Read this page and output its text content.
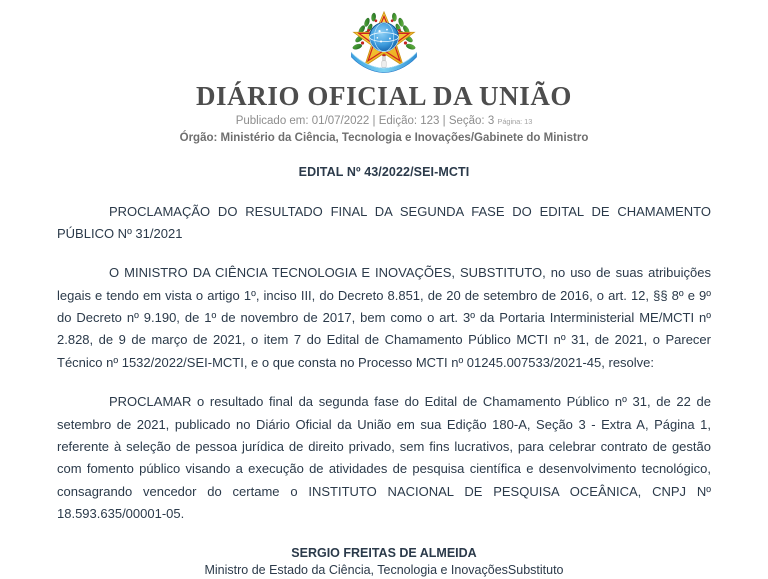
DIÁRIO OFICIAL DA UNIÃO
Publicado em: 01/07/2022 | Edição: 123 | Seção: 3 Página: 13
Órgão: Ministério da Ciência, Tecnologia e Inovações/Gabinete do Ministro
EDITAL Nº 43/2022/SEI-MCTI

PROCLAMAÇÃO DO RESULTADO FINAL DA SEGUNDA FASE DO EDITAL DE CHAMAMENTO PÚBLICO Nº 31/2021

O MINISTRO DA CIÊNCIA TECNOLOGIA E INOVAÇÕES, SUBSTITUTO, no uso de suas atribuições legais e tendo em vista o artigo 1º, inciso III, do Decreto 8.851, de 20 de setembro de 2016, o art. 12, §§ 8º e 9º do Decreto nº 9.190, de 1º de novembro de 2017, bem como o art. 3º da Portaria Interministerial ME/MCTI nº 2.828, de 9 de março de 2021, o item 7 do Edital de Chamamento Público MCTI nº 31, de 2021, o Parecer Técnico nº 1532/2022/SEI-MCTI, e o que consta no Processo MCTI nº 01245.007533/2021-45, resolve:

PROCLAMAR o resultado final da segunda fase do Edital de Chamamento Público nº 31, de 22 de setembro de 2021, publicado no Diário Oficial da União em sua Edição 180-A, Seção 3 - Extra A, Página 1, referente à seleção de pessoa jurídica de direito privado, sem fins lucrativos, para celebrar contrato de gestão com fomento público visando a execução de atividades de pesquisa científica e desenvolvimento tecnológico, consagrando vencedor do certame o INSTITUTO NACIONAL DE PESQUISA OCEÂNICA, CNPJ Nº 18.593.635/00001-05.

SERGIO FREITAS DE ALMEIDA
Ministro de Estado da Ciência, Tecnologia e InovaçõesSubstituto
